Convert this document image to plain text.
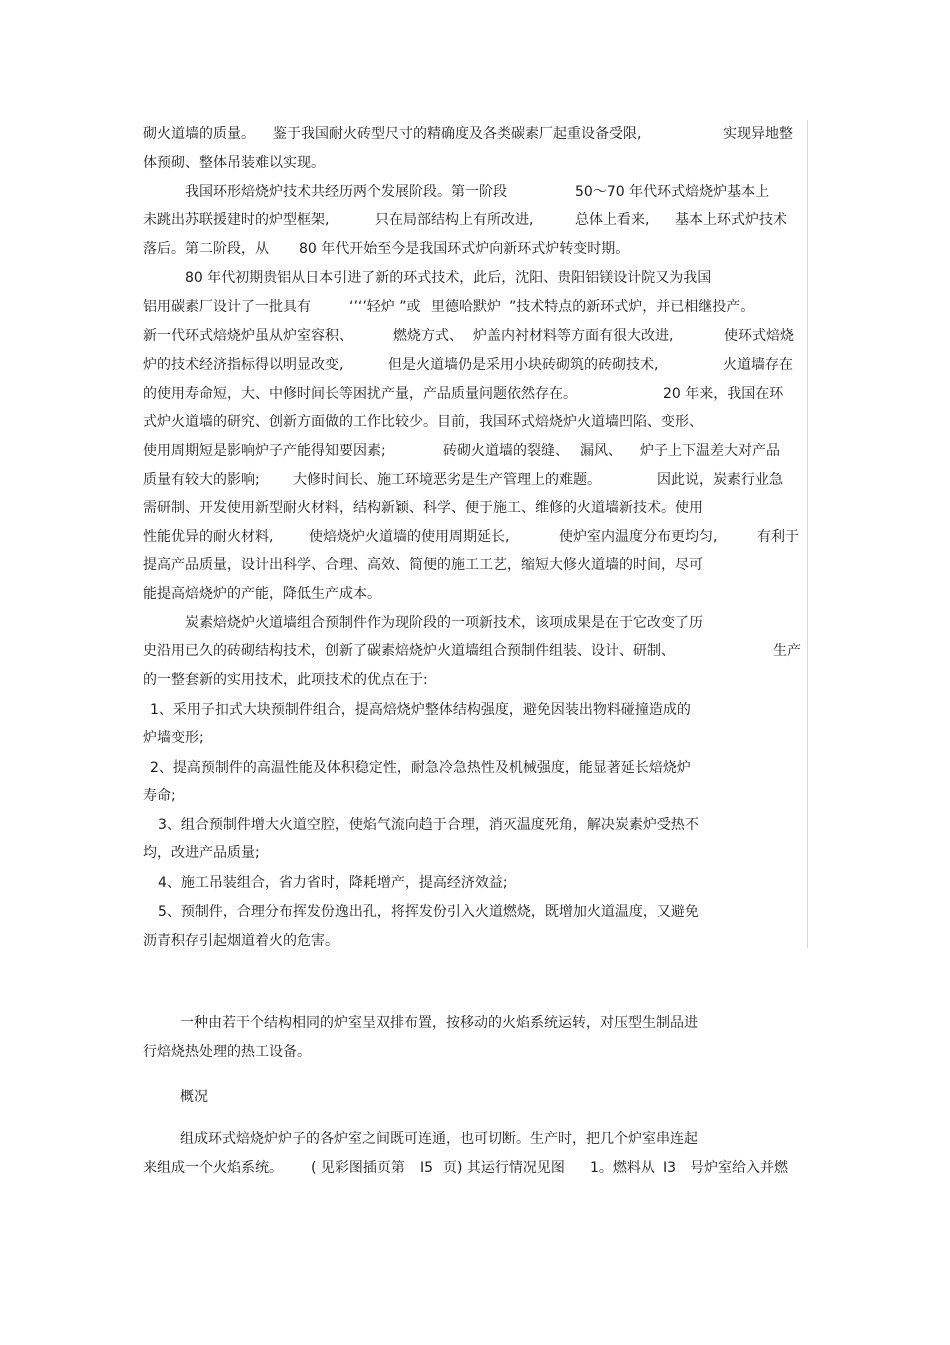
砌火道墙的质量。 鉴于我国耐火砖型尺寸的精确度及各类碳素厂起重设备受限,	实现异地整
体预砌、整体吊装难以实现。
我国环形焙烧炉技术共经历两个发展阶段。第一阶段	50～70 年代环式焙烧炉基本上
未跳出苏联援建时的炉型框架,	只在局部结构上有所改进,	总体上看来, 基本上环式炉技术
落后。第二阶段，从 80 年代开始至今是我国环式炉向新环式炉转变时期。
80 年代初期贵铝从日本引进了新的环式技术，此后，沈阳、贵阳铝镁设计院又为我国
铝用碳素厂设计了一批具有	‘’‘’轻炉 ”或 里德哈默炉 ”技术特点的新环式炉，并已相继投产。
新一代环式焙烧炉虽从炉室容积、	燃烧方式、 炉盖内衬材料等方面有很大改进,	使环式焙烧
炉的技术经济指标得以明显改变,	但是火道墙仍是采用小块砖砌筑的砖砌技术,	火道墙存在
的使用寿命短，大、中修时间长等困扰产量，产品质量问题依然存在。	20 年来，我国在环
式炉火道墙的研究、创新方面做的工作比较少。目前，我国环式焙烧炉火道墙凹陷、变形、
使用周期短是影响炉子产能得知要因素;	砖砌火道墙的裂缝、 漏风、 炉子上下温差大对产品
质量有较大的影响; 大修时间长、施工环境恶劣是生产管理上的难题。	因此说，炭素行业急
需研制、开发使用新型耐火材料，结构新颖、科学、便于施工、维修的火道墙新技术。使用
性能优异的耐火材料,	使焙烧炉火道墙的使用周期延长,	使炉室内温度分布更均匀,	有利于
提高产品质量，设计出科学、合理、高效、简便的施工工艺，缩短大修火道墙的时间，尽可
能提高焙烧炉的产能，降低生产成本。
炭素焙烧炉火道墙组合预制件作为现阶段的一项新技术，该项成果是在于它改变了历
史沿用已久的砖砌结构技术，创新了碳素焙烧炉火道墙组合预制件组装、设计、研制、	生产
的一整套新的实用技术，此项技术的优点在于:
1、采用子扣式大块预制件组合，提高焙烧炉整体结构强度，避免因装出物料碰撞造成的
炉墙变形;
2、提高预制件的高温性能及体积稳定性，耐急冷急热性及机械强度，能显著延长焙烧炉
寿命;
3、组合预制件增大火道空腔，使焰气流向趋于合理，消灭温度死角，解决炭素炉受热不
均，改进产品质量;
4、施工吊装组合，省力省时，降耗增产，提高经济效益;
5、预制件，合理分布挥发份逸出孔，将挥发份引入火道燃烧，既增加火道温度，又避免
沥青积存引起烟道着火的危害。
一种由若干个结构相同的炉室呈双排布置，按移动的火焰系统运转，对压型生制品进
行焙烧热处理的热工设备。
概况
组成环式焙烧炉炉子的各炉室之间既可连通，也可切断。生产时，把几个炉室串连起
来组成一个火焰系统。 ( 见彩图插页第 I5 页) 其运行情况见图 1。燃料从 I3 号炉室给入并燃
